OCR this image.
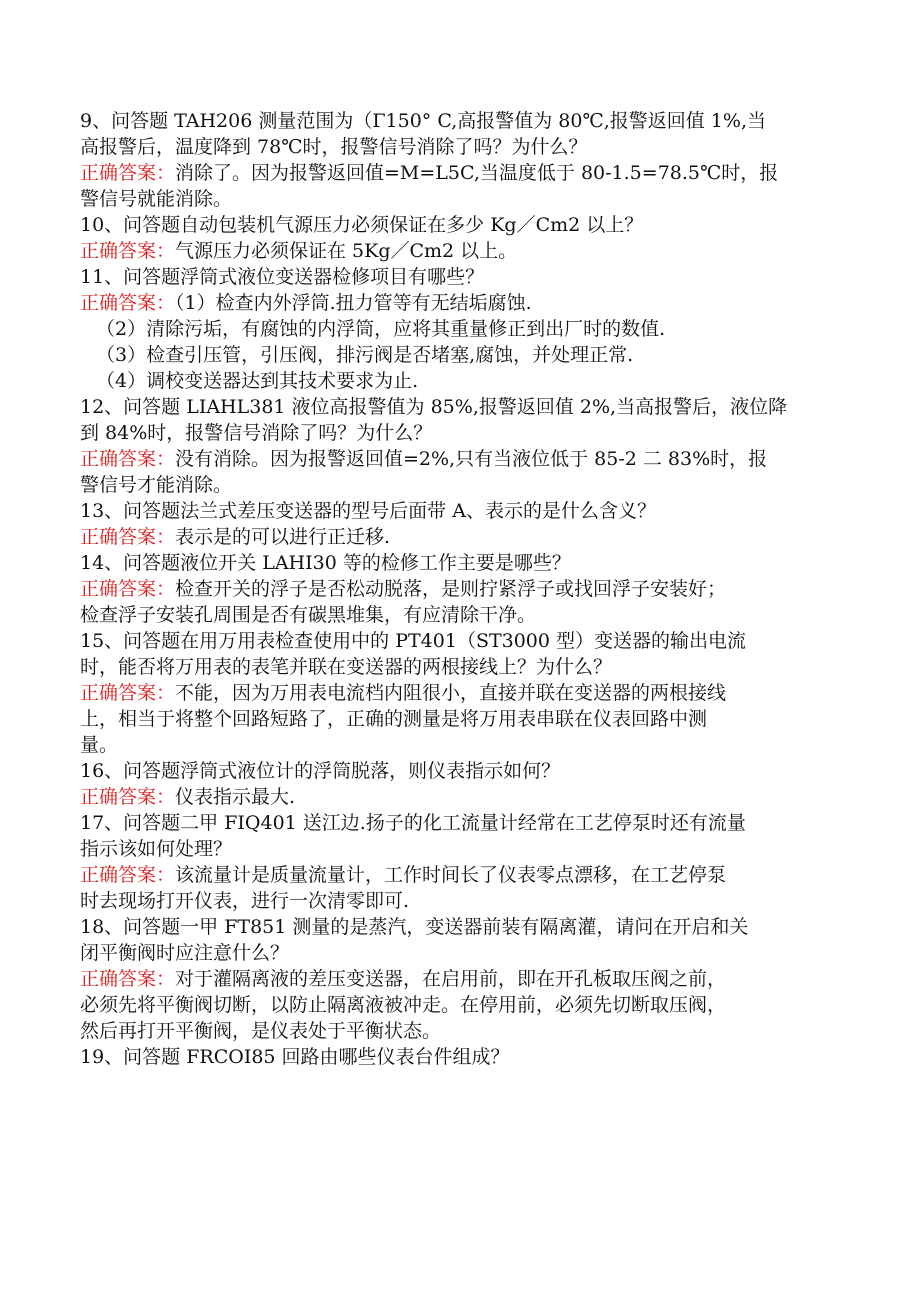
9、问答题 TAH206 测量范围为（Γ150° C,高报警值为 80℃,报警返回值 1%,当
高报警后，温度降到 78℃时，报警信号消除了吗？为什么？
正确答案：消除了。因为报警返回值=M=L5C,当温度低于 80-1.5=78.5℃时，报
警信号就能消除。
10、问答题自动包装机气源压力必须保证在多少 Kg／Cm2 以上？
正确答案：气源压力必须保证在 5Kg／Cm2 以上。
11、问答题浮筒式液位变送器检修项目有哪些？
正确答案：（1）检查内外浮筒.扭力管等有无结垢腐蚀.
（2）清除污垢，有腐蚀的内浮筒，应将其重量修正到出厂时的数值.
（3）检查引压管，引压阀，排污阀是否堵塞,腐蚀，并处理正常.
（4）调校变送器达到其技术要求为止.
12、问答题 LIAHL381 液位高报警值为 85%,报警返回值 2%,当高报警后，液位降
到 84%时，报警信号消除了吗？为什么？
正确答案：没有消除。因为报警返回值=2%,只有当液位低于 85-2 二 83%时，报
警信号才能消除。
13、问答题法兰式差压变送器的型号后面带 A、表示的是什么含义？
正确答案：表示是的可以进行正迁移.
14、问答题液位开关 LAHI30 等的检修工作主要是哪些？
正确答案：检查开关的浮子是否松动脱落，是则拧紧浮子或找回浮子安装好；
检查浮子安装孔周围是否有碳黑堆集，有应清除干净。
15、问答题在用万用表检查使用中的 PT401（ST3000 型）变送器的输出电流
时，能否将万用表的表笔并联在变送器的两根接线上？为什么？
正确答案：不能，因为万用表电流档内阻很小，直接并联在变送器的两根接线
上，相当于将整个回路短路了，正确的测量是将万用表串联在仪表回路中测
量。
16、问答题浮筒式液位计的浮筒脱落，则仪表指示如何？
正确答案：仪表指示最大.
17、问答题二甲 FIQ401 送江边.扬子的化工流量计经常在工艺停泵时还有流量
指示该如何处理？
正确答案：该流量计是质量流量计，工作时间长了仪表零点漂移，在工艺停泵
时去现场打开仪表，进行一次清零即可.
18、问答题一甲 FT851 测量的是蒸汽，变送器前装有隔离灌，请问在开启和关
闭平衡阀时应注意什么？
正确答案：对于灌隔离液的差压变送器，在启用前，即在开孔板取压阀之前，
必须先将平衡阀切断，以防止隔离液被冲走。在停用前，必须先切断取压阀，
然后再打开平衡阀，是仪表处于平衡状态。
19、问答题 FRCOI85 回路由哪些仪表台件组成？
